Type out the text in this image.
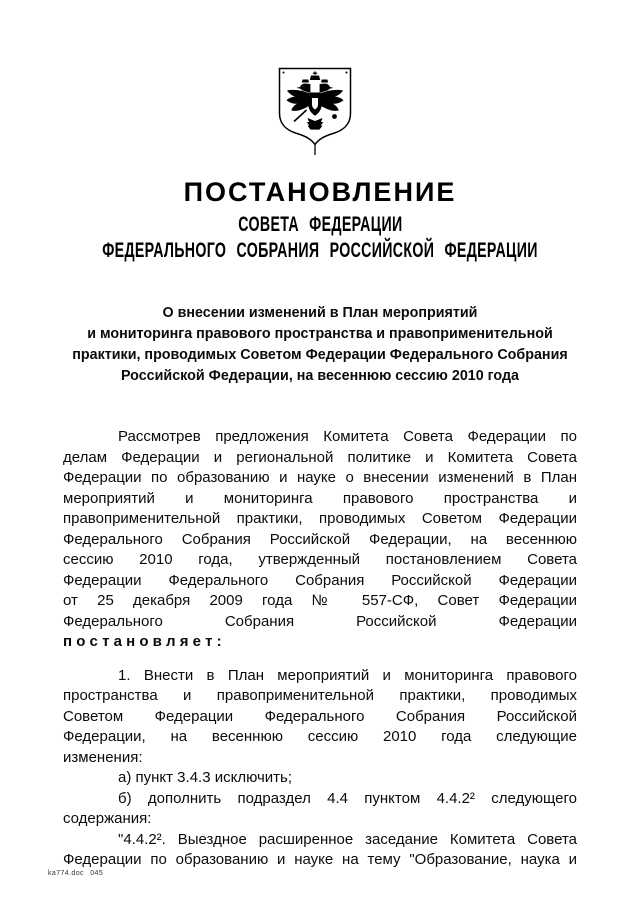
ПОСТАНОВЛЕНИЕ
СОВЕТА ФЕДЕРАЦИИ
ФЕДЕРАЛЬНОГО СОБРАНИЯ РОССИЙСКОЙ ФЕДЕРАЦИИ
О внесении изменений в План мероприятий
и мониторинга правового пространства и правоприменительной
практики, проводимых Советом Федерации Федерального Собрания
Российской Федерации, на весеннюю сессию 2010 года
Рассмотрев предложения Комитета Совета Федерации по
делам Федерации и региональной политике и Комитета Совета
Федерации по образованию и науке о внесении изменений в План
мероприятий и мониторинга правового пространства и
правоприменительной практики, проводимых Советом Федерации
Федерального Собрания Российской Федерации, на весеннюю
сессию 2010 года, утвержденный постановлением Совета
Федерации Федерального Собрания Российской Федерации
от 25 декабря 2009 года № 557-СФ, Совет Федерации
Федерального Собрания Российской Федерации
п о с т а н о в л я е т :
1. Внести в План мероприятий и мониторинга правового
пространства и правоприменительной практики, проводимых
Советом Федерации Федерального Собрания Российской
Федерации, на весеннюю сессию 2010 года следующие
изменения:
а) пункт 3.4.3 исключить;
б) дополнить подраздел 4.4 пунктом 4.4.2² следующего
содержания:
"4.4.2². Выездное расширенное заседание Комитета Совета
Федерации по образованию и науке на тему "Образование, наука и
ka774.doc 045
